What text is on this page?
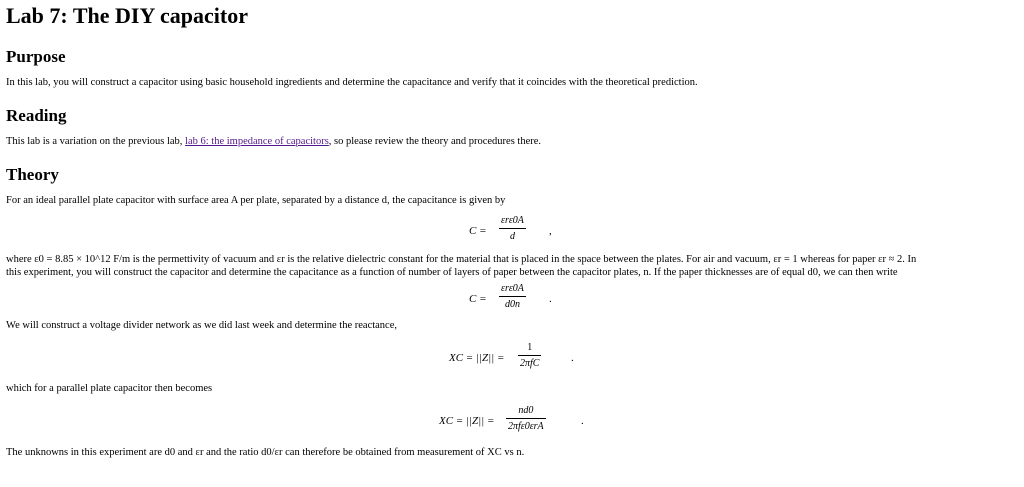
Lab 7: The DIY capacitor
Purpose

In this lab, you will construct a capacitor using basic household ingredients and determine the capacitance and verify that it coincides with the theoretical prediction.

Reading

This lab is a variation on the previous lab, lab 6: the impedance of capacitors, so please review the theory and procedures there.

Theory

For an ideal parallel plate capacitor with surface area A per plate, separated by a distance d, the capacitance is given by

C =
εrε0A
d	,

where ε0 = 8.85 × 10^12 F/m is the permettivity of vacuum and εr is the relative dielectric constant for the material that is placed in the space between the plates. For air and vacuum, εr = 1 whereas for paper εr ≈ 2. In

this experiment, you will construct the capacitor and determine the capacitance as a function of number of layers of paper between the capacitor plates, n. If the paper thicknesses are of equal d0, we can then write

C =
εrε0A
d0n	.

We will construct a voltage divider network as we did last week and determine the reactance,

XC = ||Z|| =
1
2πfC	.

which for a parallel plate capacitor then becomes

XC = ||Z|| =
nd0
2πfε0εrA	.

The unknowns in this experiment are d0 and εr and the ratio d0/εr can therefore be obtained from measurement of XC vs n.
